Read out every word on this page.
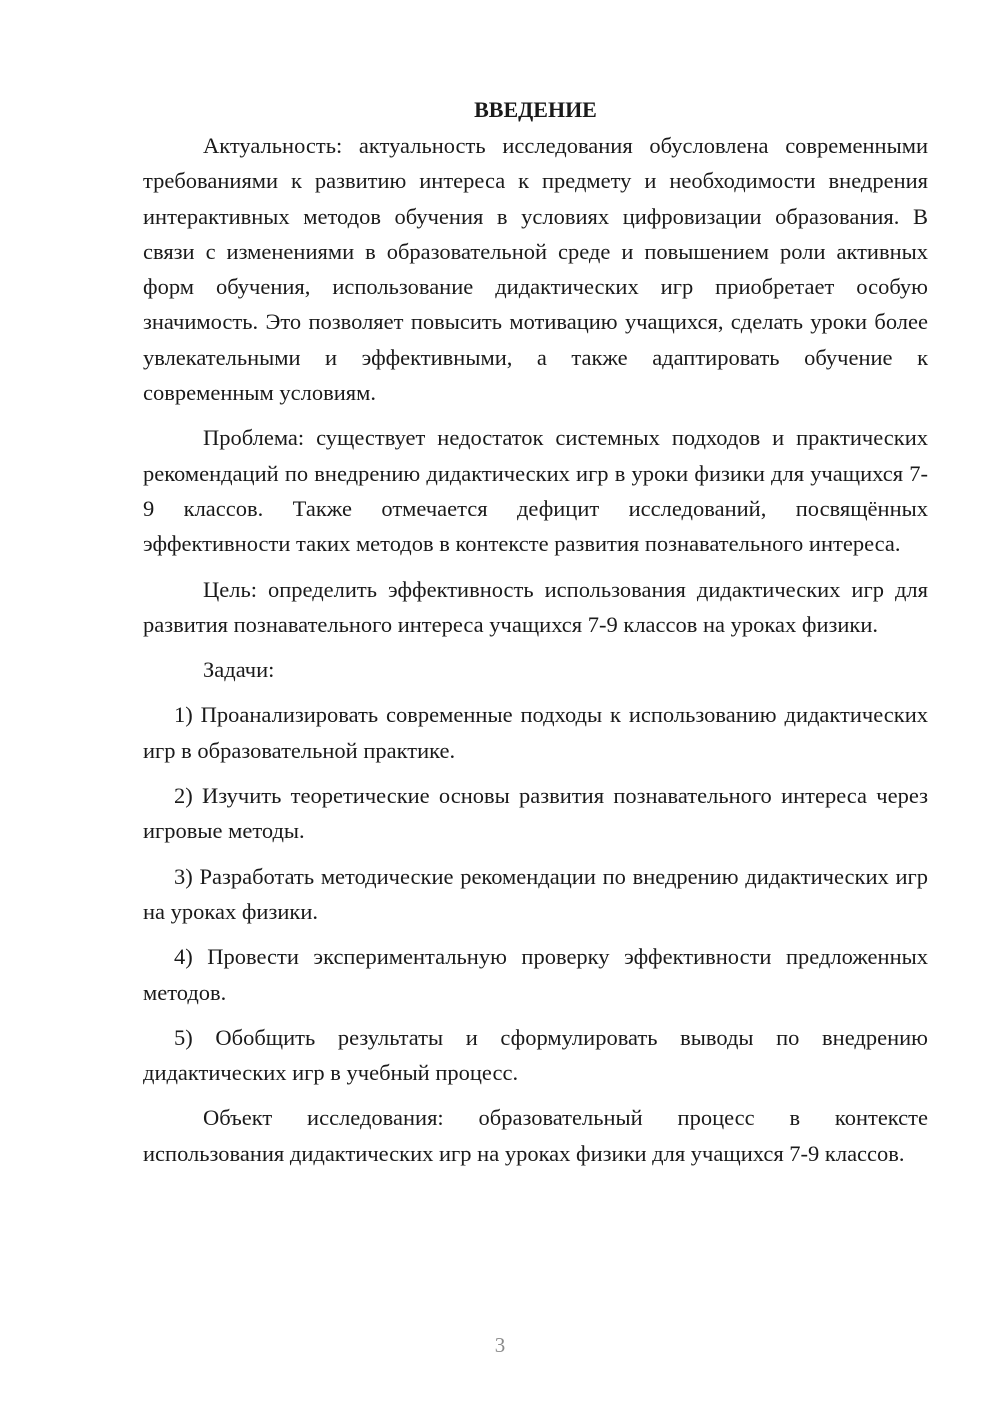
ВВЕДЕНИЕ

Актуальность: актуальность исследования обусловлена современными требованиями к развитию интереса к предмету и необходимости внедрения интерактивных методов обучения в условиях цифровизации образования. В связи с изменениями в образовательной среде и повышением роли активных форм обучения, использование дидактических игр приобретает особую значимость. Это позволяет повысить мотивацию учащихся, сделать уроки более увлекательными и эффективными, а также адаптировать обучение к современным условиям.

Проблема: существует недостаток системных подходов и практических рекомендаций по внедрению дидактических игр в уроки физики для учащихся 7-9 классов. Также отмечается дефицит исследований, посвящённых эффективности таких методов в контексте развития познавательного интереса.

Цель: определить эффективность использования дидактических игр для развития познавательного интереса учащихся 7-9 классов на уроках физики.

Задачи:

1) Проанализировать современные подходы к использованию дидактических игр в образовательной практике.

2) Изучить теоретические основы развития познавательного интереса через игровые методы.

3) Разработать методические рекомендации по внедрению дидактических игр на уроках физики.

4) Провести экспериментальную проверку эффективности предложенных методов.

5) Обобщить результаты и сформулировать выводы по внедрению дидактических игр в учебный процесс.

Объект исследования: образовательный процесс в контексте использования дидактических игр на уроках физики для учащихся 7-9 классов.

3
